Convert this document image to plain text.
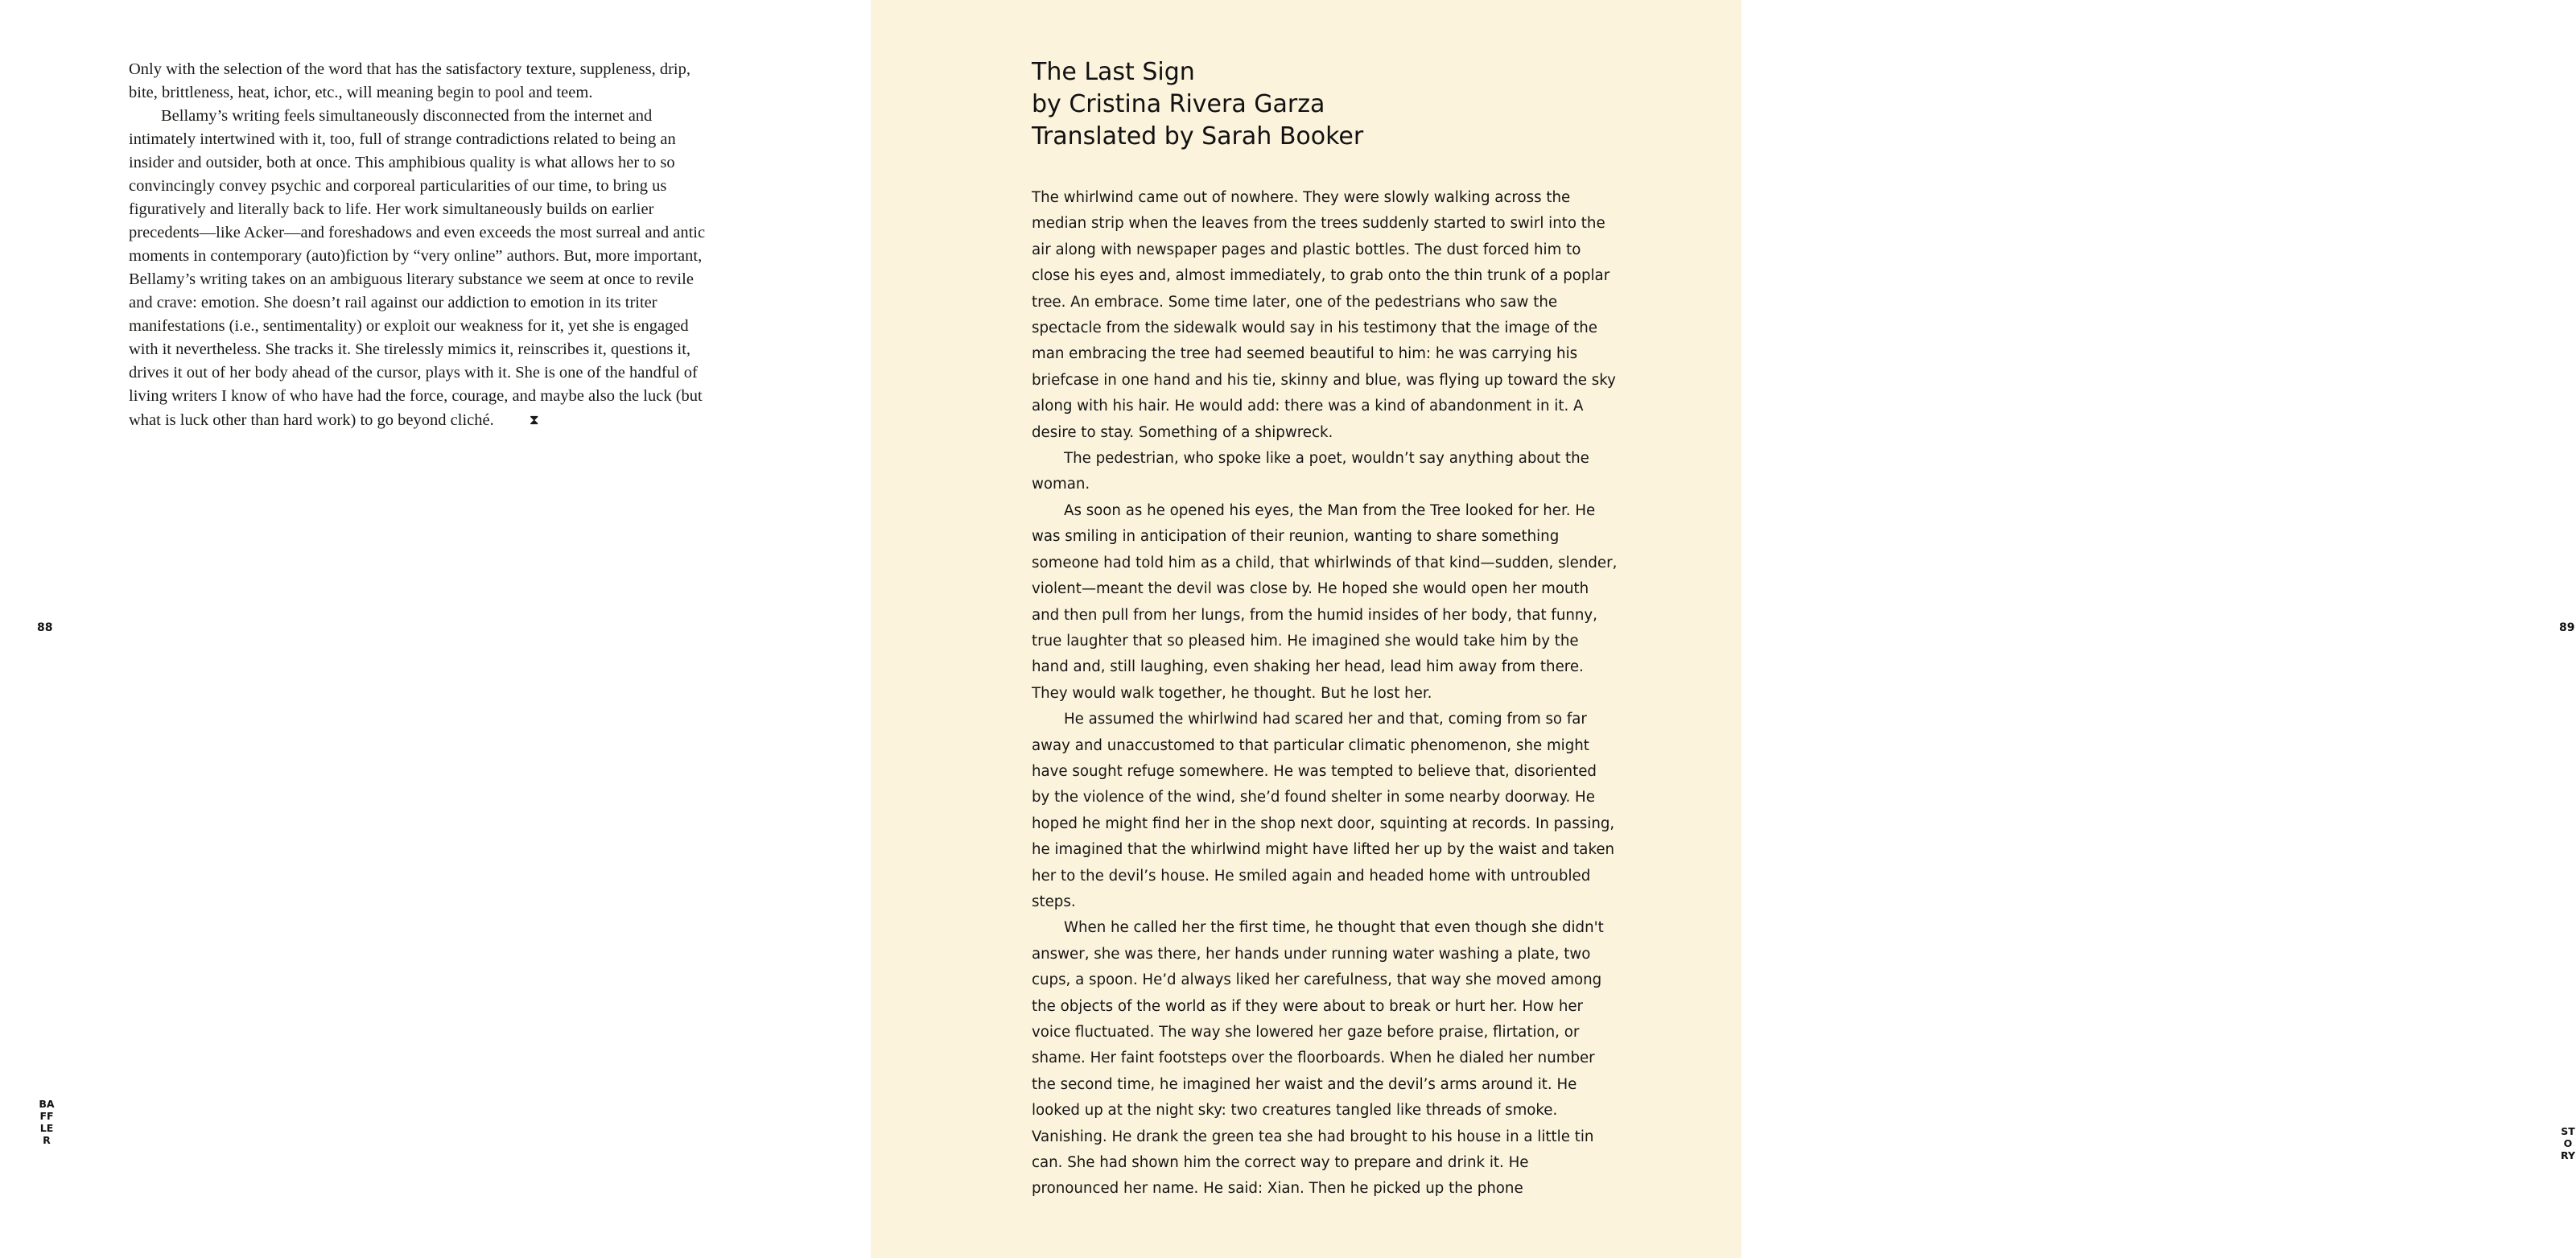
Only with the selection of the word that has the satisfactory texture, suppleness, drip, bite, brittleness, heat, ichor, etc., will meaning begin to pool and teem.

Bellamy’s writing feels simultaneously disconnected from the internet and intimately intertwined with it, too, full of strange contradictions related to being an insider and outsider, both at once. This amphibious quality is what allows her to so convincingly convey psychic and corporeal particularities of our time, to bring us figuratively and literally back to life. Her work simultaneously builds on earlier precedents—like Acker—and foreshadows and even exceeds the most surreal and antic moments in contemporary (auto)fiction by “very online” authors. But, more important, Bellamy’s writing takes on an ambiguous literary substance we seem at once to revile and crave: emotion. She doesn’t rail against our addiction to emotion in its triter manifestations (i.e., sentimentality) or exploit our weakness for it, yet she is engaged with it nevertheless. She tracks it. She tirelessly mimics it, reinscribes it, questions it, drives it out of her body ahead of the cursor, plays with it. She is one of the handful of living writers I know of who have had the force, courage, and maybe also the luck (but what is luck other than hard work) to go beyond cliché.	⧗

88
BAFFLER
The Last Sign
by Cristina Rivera Garza
Translated by Sarah Booker

The whirlwind came out of nowhere. They were slowly walking across the median strip when the leaves from the trees suddenly started to swirl into the air along with newspaper pages and plastic bottles. The dust forced him to close his eyes and, almost immediately, to grab onto the thin trunk of a poplar tree. An embrace. Some time later, one of the pedestrians who saw the spectacle from the sidewalk would say in his testimony that the image of the man embracing the tree had seemed beautiful to him: he was carrying his briefcase in one hand and his tie, skinny and blue, was flying up toward the sky along with his hair. He would add: there was a kind of abandonment in it. A desire to stay. Something of a shipwreck.

The pedestrian, who spoke like a poet, wouldn’t say anything about the woman.

As soon as he opened his eyes, the Man from the Tree looked for her. He was smiling in anticipation of their reunion, wanting to share something someone had told him as a child, that whirlwinds of that kind—sudden, slender, violent—meant the devil was close by. He hoped she would open her mouth and then pull from her lungs, from the humid insides of her body, that funny, true laughter that so pleased him. He imagined she would take him by the hand and, still laughing, even shaking her head, lead him away from there. They would walk together, he thought. But he lost her.

He assumed the whirlwind had scared her and that, coming from so far away and unaccustomed to that particular climatic phenomenon, she might have sought refuge somewhere. He was tempted to believe that, disoriented by the violence of the wind, she’d found shelter in some nearby doorway. He hoped he might find her in the shop next door, squinting at records. In passing, he imagined that the whirlwind might have lifted her up by the waist and taken her to the devil’s house. He smiled again and headed home with untroubled steps.

When he called her the first time, he thought that even though she didn't answer, she was there, her hands under running water washing a plate, two cups, a spoon. He’d always liked her carefulness, that way she moved among the objects of the world as if they were about to break or hurt her. How her voice fluctuated. The way she lowered her gaze before praise, flirtation, or shame. Her faint footsteps over the floorboards. When he dialed her number the second time, he imagined her waist and the devil’s arms around it. He looked up at the night sky: two creatures tangled like threads of smoke. Vanishing. He drank the green tea she had brought to his house in a little tin can. She had shown him the correct way to prepare and drink it. He pronounced her name. He said: Xian. Then he picked up the phone

89
STORY
